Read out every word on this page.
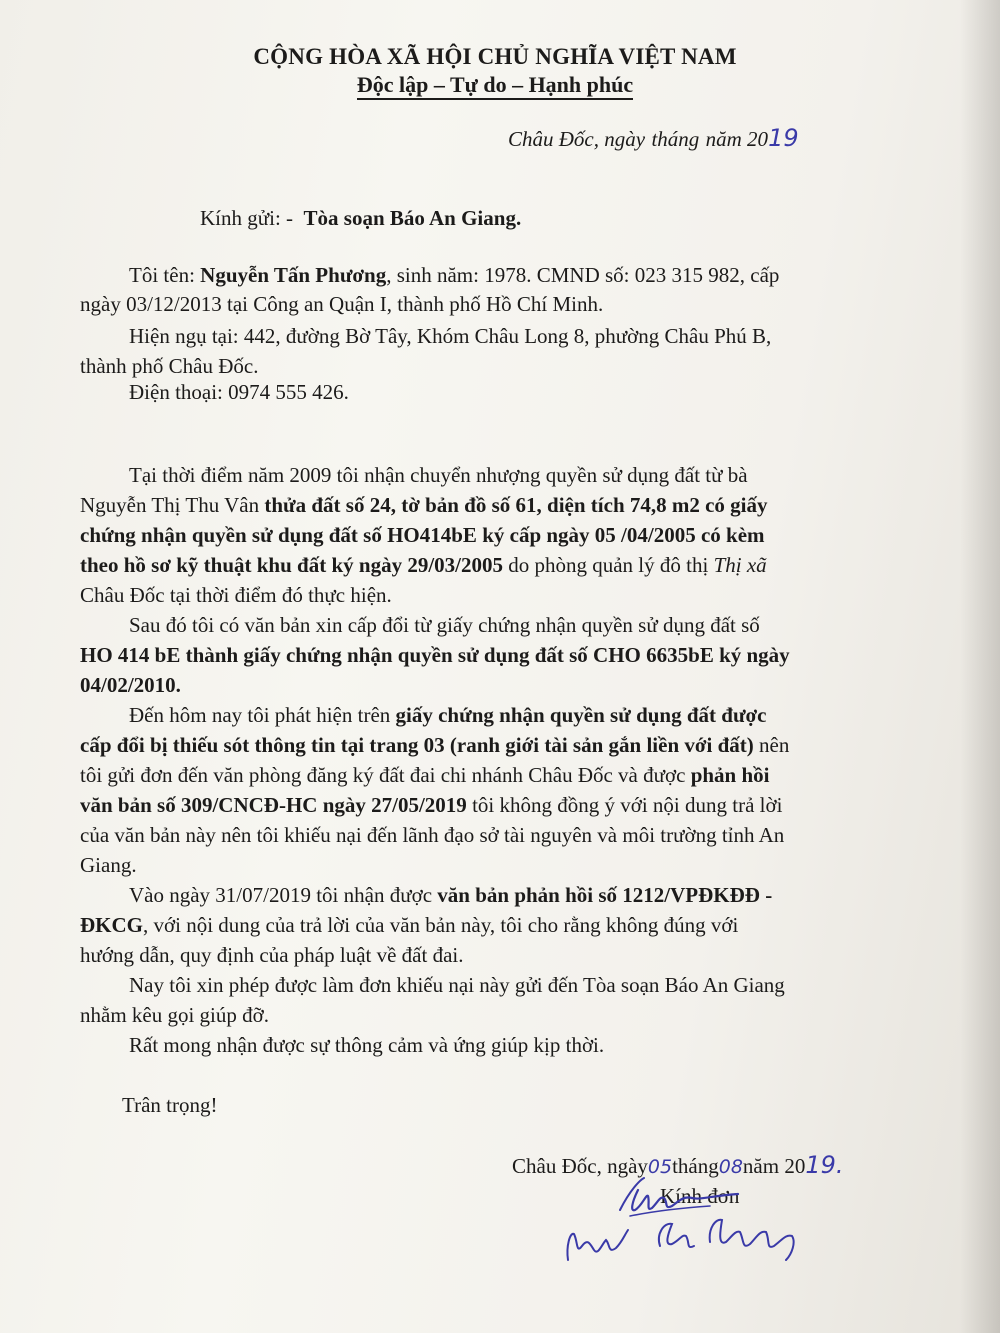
CỘNG HÒA XÃ HỘI CHỦ NGHĨA VIỆT NAM
Độc lập – Tự do – Hạnh phúc
Châu Đốc, ngày tháng năm 2019
Kính gửi: - Tòa soạn Báo An Giang.
Tôi tên: Nguyễn Tấn Phương, sinh năm: 1978. CMND số: 023 315 982, cấp
ngày 03/12/2013 tại Công an Quận I, thành phố Hồ Chí Minh.
Hiện ngụ tại: 442, đường Bờ Tây, Khóm Châu Long 8, phường Châu Phú B,
thành phố Châu Đốc.
Điện thoại: 0974 555 426.
Tại thời điểm năm 2009 tôi nhận chuyển nhượng quyền sử dụng đất từ bà
Nguyễn Thị Thu Vân thửa đất số 24, tờ bản đồ số 61, diện tích 74,8 m2 có giấy
chứng nhận quyền sử dụng đất số HO414bE ký cấp ngày 05 /04/2005 có kèm
theo hồ sơ kỹ thuật khu đất ký ngày 29/03/2005 do phòng quản lý đô thị Thị xã
Châu Đốc tại thời điểm đó thực hiện.
Sau đó tôi có văn bản xin cấp đổi từ giấy chứng nhận quyền sử dụng đất số
HO 414 bE thành giấy chứng nhận quyền sử dụng đất số CHO 6635bE ký ngày
04/02/2010.
Đến hôm nay tôi phát hiện trên giấy chứng nhận quyền sử dụng đất được
cấp đổi bị thiếu sót thông tin tại trang 03 (ranh giới tài sản gắn liền với đất) nên
tôi gửi đơn đến văn phòng đăng ký đất đai chi nhánh Châu Đốc và được phản hồi
văn bản số 309/CNCĐ-HC ngày 27/05/2019 tôi không đồng ý với nội dung trả lời
của văn bản này nên tôi khiếu nại đến lãnh đạo sở tài nguyên và môi trường tỉnh An
Giang.
Vào ngày 31/07/2019 tôi nhận được văn bản phản hồi số 1212/VPĐKĐĐ -
ĐKCG, với nội dung của trả lời của văn bản này, tôi cho rằng không đúng với
hướng dẫn, quy định của pháp luật về đất đai.
Nay tôi xin phép được làm đơn khiếu nại này gửi đến Tòa soạn Báo An Giang
nhằm kêu gọi giúp đỡ.
Rất mong nhận được sự thông cảm và ứng giúp kịp thời.
Trân trọng!
Châu Đốc, ngày05tháng08năm 2019.
Kính đơn
